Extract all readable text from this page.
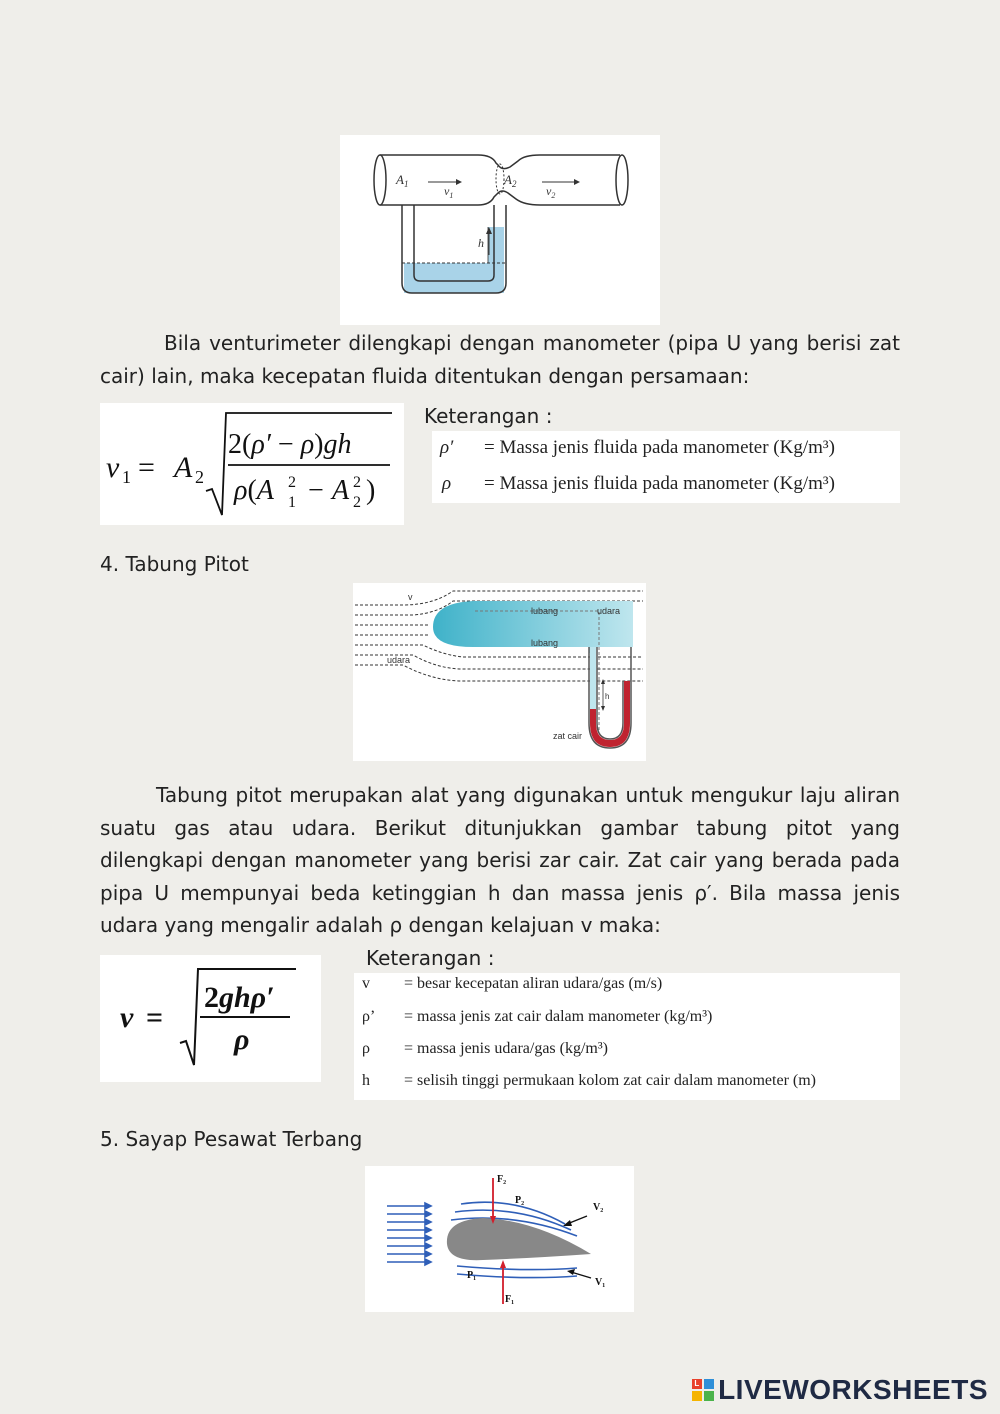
$A_1$	$v_1$
$A_2$ $v_2$
h
Bila venturimeter dilengkapi dengan manometer (pipa U yang berisi zat cair) lain, maka kecepatan fluida ditentukan dengan persamaan:
v 1 = A 2
2(ρ′ − ρ)gh
ρ(A 1
2 − A 2
2 )
Keterangan :
ρ′ = Massa jenis fluida pada manometer (Kg/m³)
ρ = Massa jenis fluida pada manometer (Kg/m³)
4. Tabung Pitot
v
lubang	udara
lubang
udara
h
zat cair
Tabung pitot merupakan alat yang digunakan untuk mengukur laju aliran suatu gas atau udara. Berikut ditunjukkan gambar tabung pitot yang dilengkapi dengan manometer yang berisi zar cair. Zat cair yang berada pada pipa U mempunyai beda ketinggian h dan massa jenis ρ′. Bila massa jenis udara yang mengalir adalah ρ dengan kelajuan v maka:
v =
2ghρ′
ρ
Keterangan :
v = besar kecepatan aliran udara/gas (m/s)
ρ’ = massa jenis zat cair dalam manometer (kg/m³)
ρ = massa jenis udara/gas (kg/m³)
h = selisih tinggi permukaan kolom zat cair dalam manometer (m)
5. Sayap Pesawat Terbang
F₂
P₂
V₂
P₁
V₁
F₁
L LIVEWORKSHEETS
